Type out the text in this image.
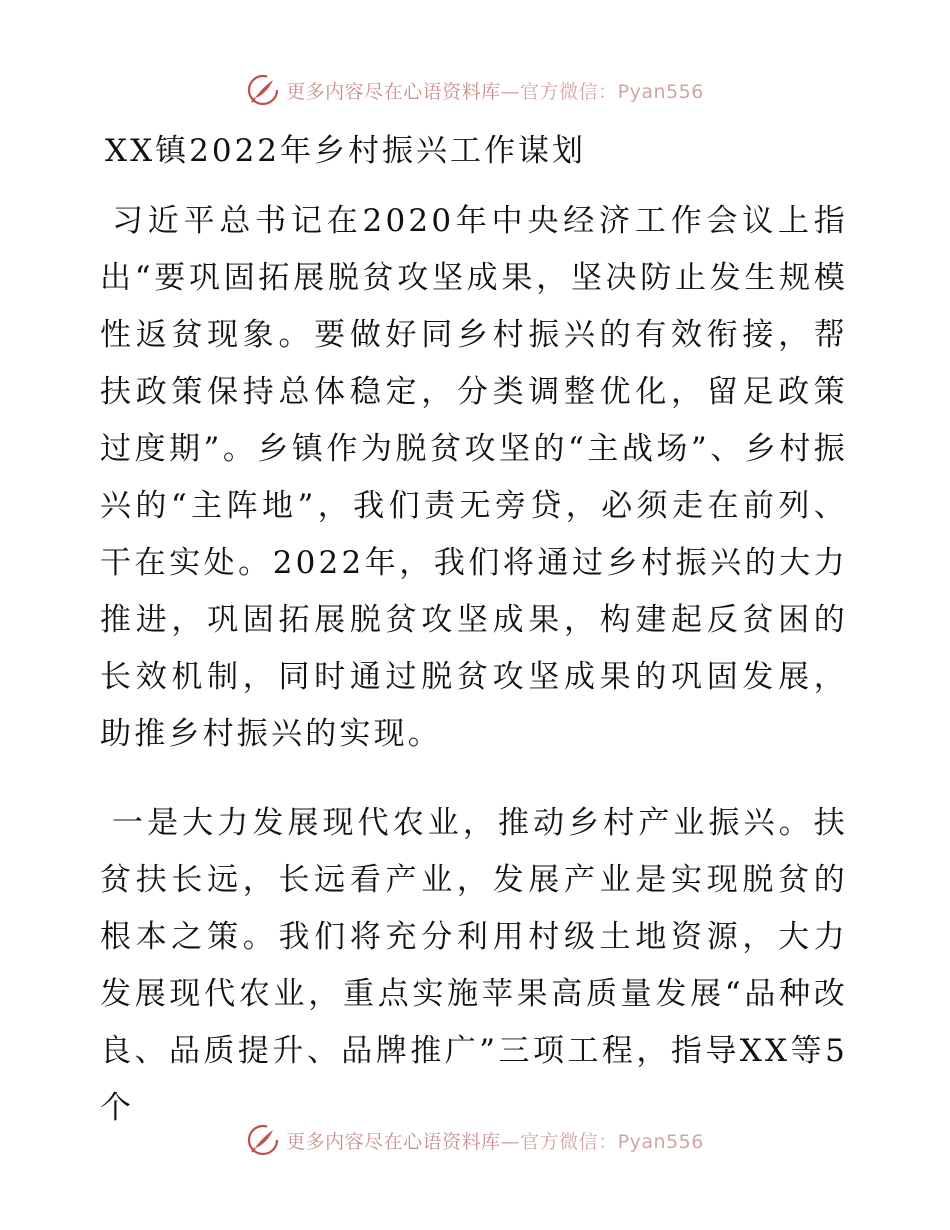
更多内容尽在心语资料库—官方微信：Pyan556
XX镇2022年乡村振兴工作谋划

习近平总书记在2020年中央经济工作会议上指出“要巩固拓展脱贫攻坚成果，坚决防止发生规模性返贫现象。要做好同乡村振兴的有效衔接，帮扶政策保持总体稳定，分类调整优化，留足政策过度期”。乡镇作为脱贫攻坚的“主战场”、乡村振兴的“主阵地”，我们责无旁贷，必须走在前列、干在实处。2022年，我们将通过乡村振兴的大力推进，巩固拓展脱贫攻坚成果，构建起反贫困的长效机制，同时通过脱贫攻坚成果的巩固发展，助推乡村振兴的实现。

一是大力发展现代农业，推动乡村产业振兴。扶贫扶长远，长远看产业，发展产业是实现脱贫的根本之策。我们将充分利用村级土地资源，大力发展现代农业，重点实施苹果高质量发展“品种改良、品质提升、品牌推广”三项工程，指导XX等5个

更多内容尽在心语资料库—官方微信：Pyan556
